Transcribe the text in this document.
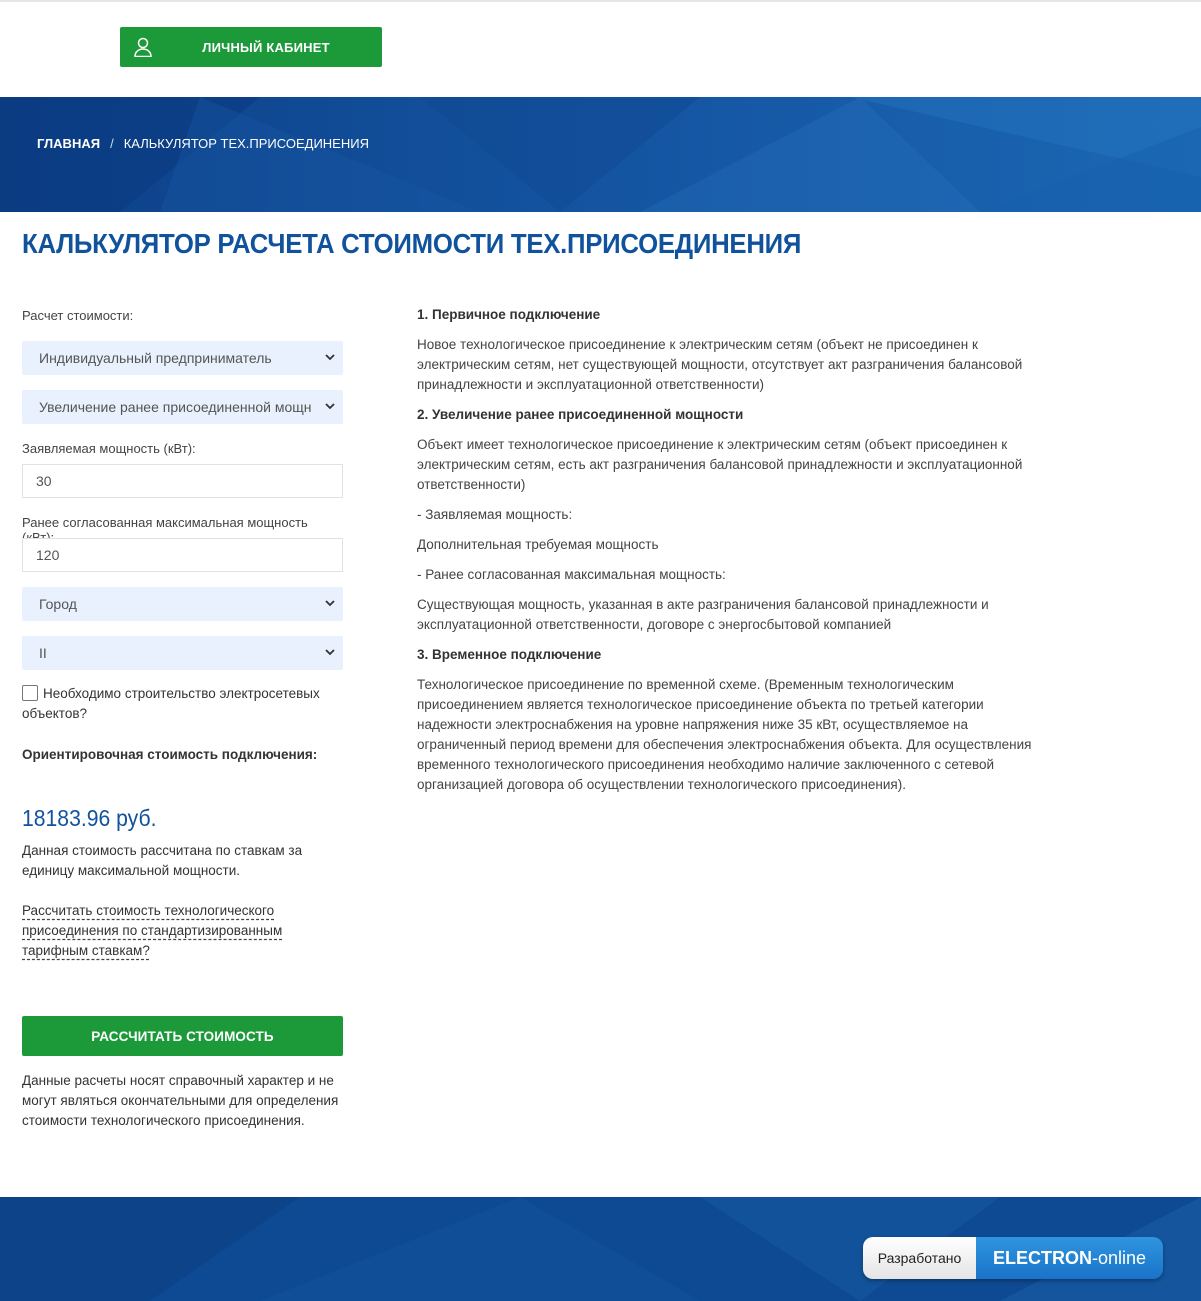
ЛИЧНЫЙ КАБИНЕТ
ГЛАВНАЯ / КАЛЬКУЛЯТОР ТЕХ.ПРИСОЕДИНЕНИЯ
КАЛЬКУЛЯТОР РАСЧЕТА СТОИМОСТИ ТЕХ.ПРИСОЕДИНЕНИЯ
Расчет стоимости:
Индивидуальный предприниматель
Увеличение ранее присоединенной мощн
Заявляемая мощность (кВт):
30
Ранее согласованная максимальная мощность
120
Город
II
Необходимо строительство электросетевых объектов?
Ориентировочная стоимость подключения:
18183.96 руб.
Данная стоимость рассчитана по ставкам за единицу максимальной мощности.
Рассчитать стоимость технологического присоединения по стандартизированным тарифным ставкам?
РАССЧИТАТЬ СТОИМОСТЬ
Данные расчеты носят справочный характер и не могут являться окончательными для определения стоимости технологического присоединения.
1. Первичное подключение
Новое технологическое присоединение к электрическим сетям (объект не присоединен к электрическим сетям, нет существующей мощности, отсутствует акт разграничения балансовой принадлежности и эксплуатационной ответственности)
2. Увеличение ранее присоединенной мощности
Объект имеет технологическое присоединение к электрическим сетям (объект присоединен к электрическим сетям, есть акт разграничения балансовой принадлежности и эксплуатационной ответственности)
- Заявляемая мощность:
Дополнительная требуемая мощность
- Ранее согласованная максимальная мощность:
Существующая мощность, указанная в акте разграничения балансовой принадлежности и эксплуатационной ответственности, договоре с энергосбытовой компанией
3. Временное подключение
Технологическое присоединение по временной схеме. (Временным технологическим присоединением является технологическое присоединение объекта по третьей категории надежности электроснабжения на уровне напряжения ниже 35 кВт, осуществляемое на ограниченный период времени для обеспечения электроснабжения объекта. Для осуществления временного технологического присоединения необходимо наличие заключенного с сетевой организацией договора об осуществлении технологического присоединения).
Разработано	ELECTRON -online
